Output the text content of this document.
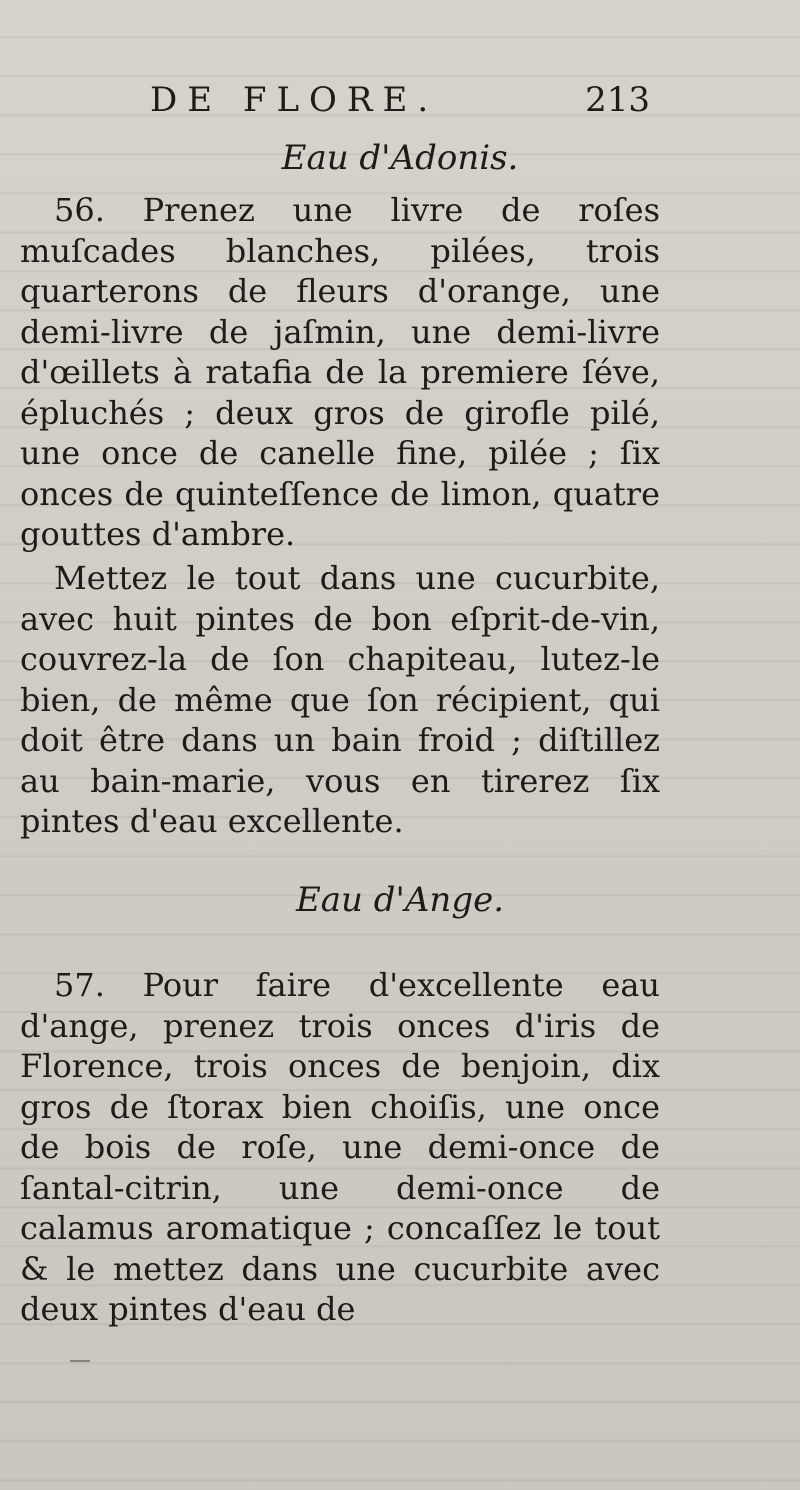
DE FLORE.	213
Eau d'Adonis.

56. Prenez une livre de roſes muſcades blanches, pilées, trois quarterons de fleurs d'orange, une demi-livre de jaſmin, une demi-livre d'œillets à ratafia de la premiere ſéve, épluchés ; deux gros de girofle pilé, une once de canelle fine, pilée ; ſix onces de quinteſſence de limon, quatre gouttes d'ambre.

Mettez le tout dans une cucurbite, avec huit pintes de bon eſprit-de-vin, couvrez-la de ſon chapiteau, lutez-le bien, de même que ſon récipient, qui doit être dans un bain froid ; diſtillez au bain-marie, vous en tirerez ſix pintes d'eau excellente.

Eau d'Ange.

57. Pour faire d'excellente eau d'ange, prenez trois onces d'iris de Florence, trois onces de benjoin, dix gros de ſtorax bien choiſis, une once de bois de roſe, une demi-once de ſantal-citrin, une demi-once de calamus aromatique ; concaſſez le tout & le mettez dans une cucurbite avec deux pintes d'eau de
